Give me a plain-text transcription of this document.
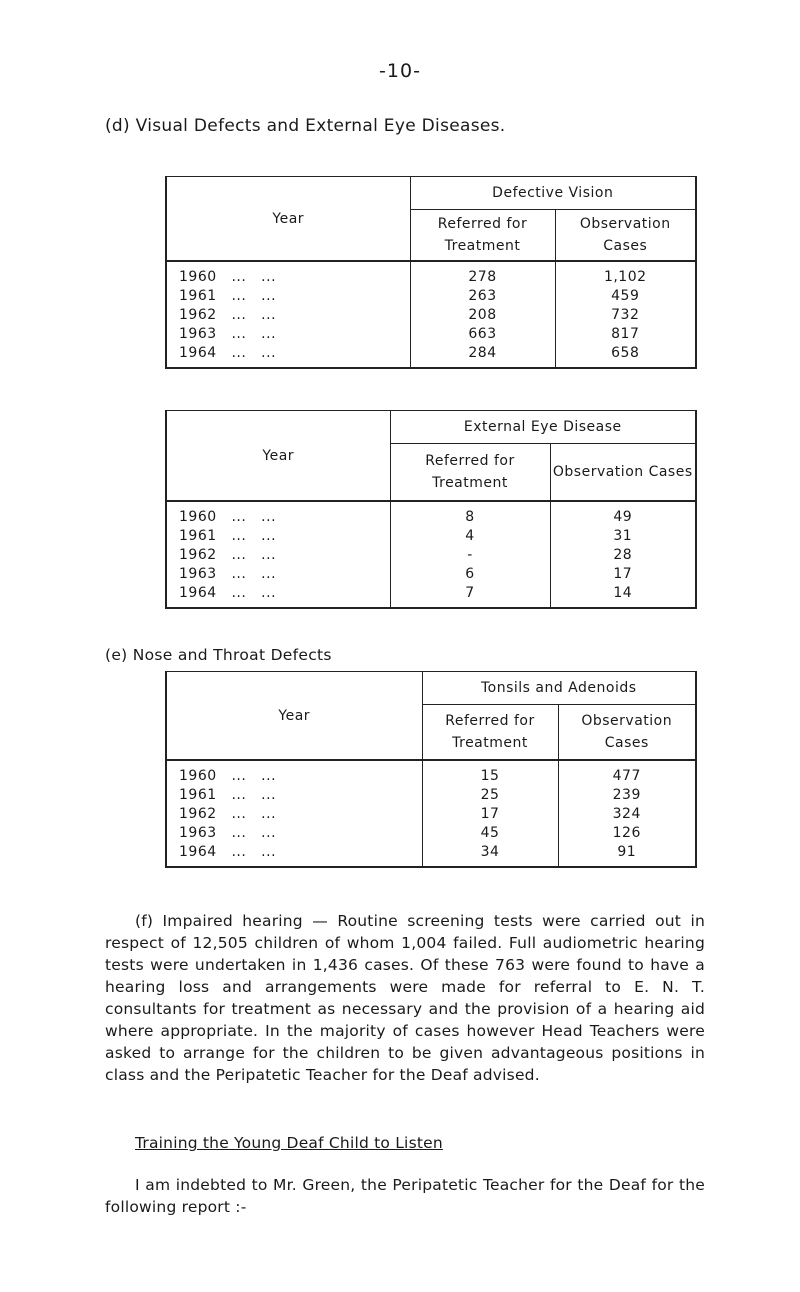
-10-
(d) Visual Defects and External Eye Diseases.
Year	Defective Vision	
	Referred for Treatment	Observation Cases
1960   ...   ...	278	1,102
1961   ...   ...	263	459
1962   ...   ...	208	732
1963   ...   ...	663	817
1964   ...   ...	284	658
Year	External Eye Disease	
	Referred for Treatment	Observation Cases
1960   ...   ...	8	49
1961   ...   ...	4	31
1962   ...   ...	-	28
1963   ...   ...	6	17
1964   ...   ...	7	14
(e) Nose and Throat Defects
Year	Tonsils and Adenoids	
	Referred for Treatment	Observation Cases
1960   ...   ...	15	477
1961   ...   ...	25	239
1962   ...   ...	17	324
1963   ...   ...	45	126
1964   ...   ...	34	91
(f) Impaired hearing — Routine screening tests were carried out in respect of 12,505 children of whom 1,004 failed. Full audiometric hearing tests were undertaken in 1,436 cases. Of these 763 were found to have a hearing loss and arrangements were made for referral to E. N. T. consultants for treatment as necessary and the provision of a hearing aid where appropriate. In the majority of cases however Head Teachers were asked to arrange for the children to be given advantageous positions in class and the Peripatetic Teacher for the Deaf advised.
Training the Young Deaf Child to Listen
I am indebted to Mr. Green, the Peripatetic Teacher for the Deaf for the following report :-
